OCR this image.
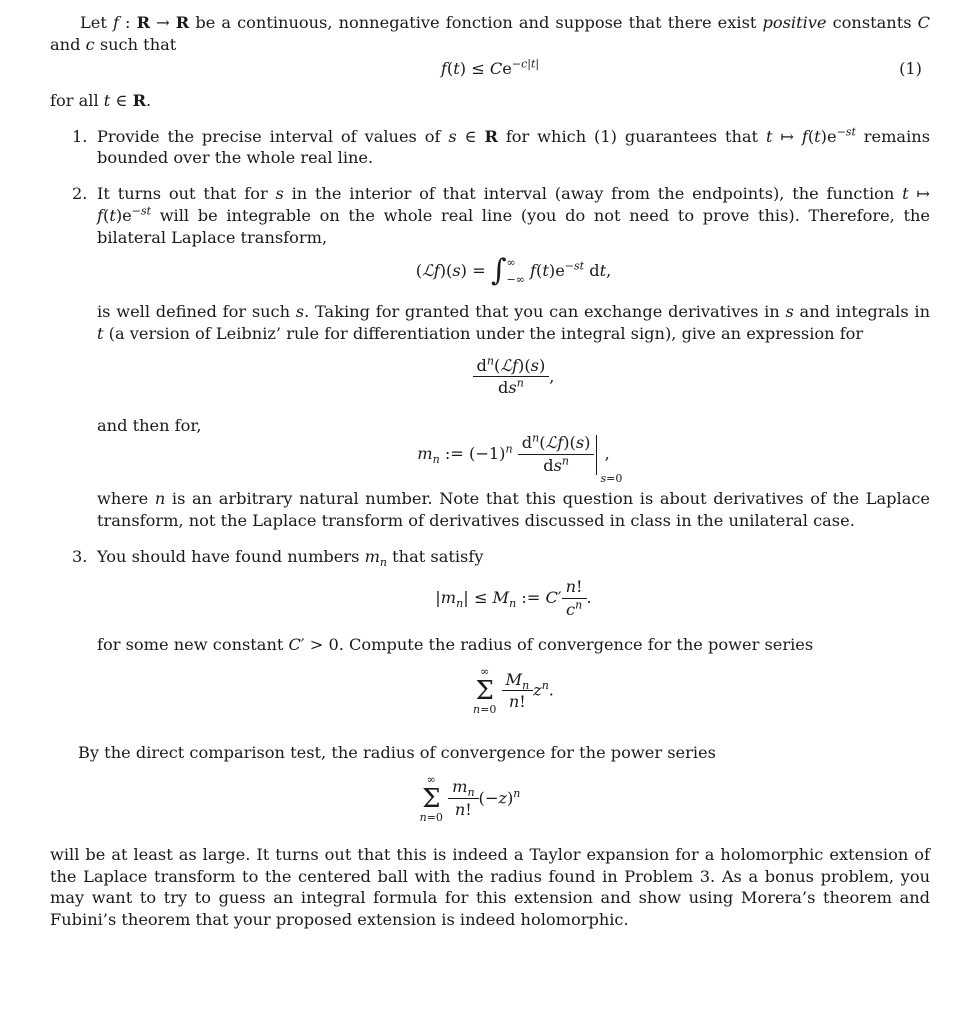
Let f : R → R be a continuous, nonnegative fonction and suppose that there exist positive constants C and c such that

$f(t) \le Ce^{-c|t|}$	(1)

for all t ∈ R.

1. Provide the precise interval of values of s ∈ R for which (1) guarantees that t ↦ $f(t)e^{-st}$ remains bounded over the whole real line.

2. It turns out that for s in the interior of that interval (away from the endpoints), the function t ↦ $f(t)e^{-st}$ will be integrable on the whole real line (you do not need to prove this). Therefore, the bilateral Laplace transform,

(ℒf)(s) = ∫ ∞
−∞ $f(t)e^{-st}$ dt,

is well defined for such s. Taking for granted that you can exchange derivatives in s and integrals in t (a version of Leibniz’ rule for differentiation under the integral sign), give an expression for

$\frac{d^n(ℒf)(s)}{ds^n}$ ,

and then for,

$m_n$ := $(-1)^n \frac{d^n(ℒf)(s)}{ds^n}$
s=0
,

where n is an arbitrary natural number. Note that this question is about derivatives of the Laplace transform, not the Laplace transform of derivatives discussed in class in the unilateral case.

3. You should have found numbers $m_n$ that satisfy

$|m_n| \le M_n$ := $C' \frac{n!}{c^n}$ .

for some new constant C′ > 0. Compute the radius of convergence for the power series

∞
Σ
$n=0 \frac{M_n}{n!} z^n$.

By the direct comparison test, the radius of convergence for the power series

∞
Σ
$n=0 \frac{m_n}{n!} (-z)^n$

will be at least as large. It turns out that this is indeed a Taylor expansion for a holomorphic extension of the Laplace transform to the centered ball with the radius found in Problem 3. As a bonus problem, you may want to try to guess an integral formula for this extension and show using Morera’s theorem and Fubini’s theorem that your proposed extension is indeed holomorphic.
